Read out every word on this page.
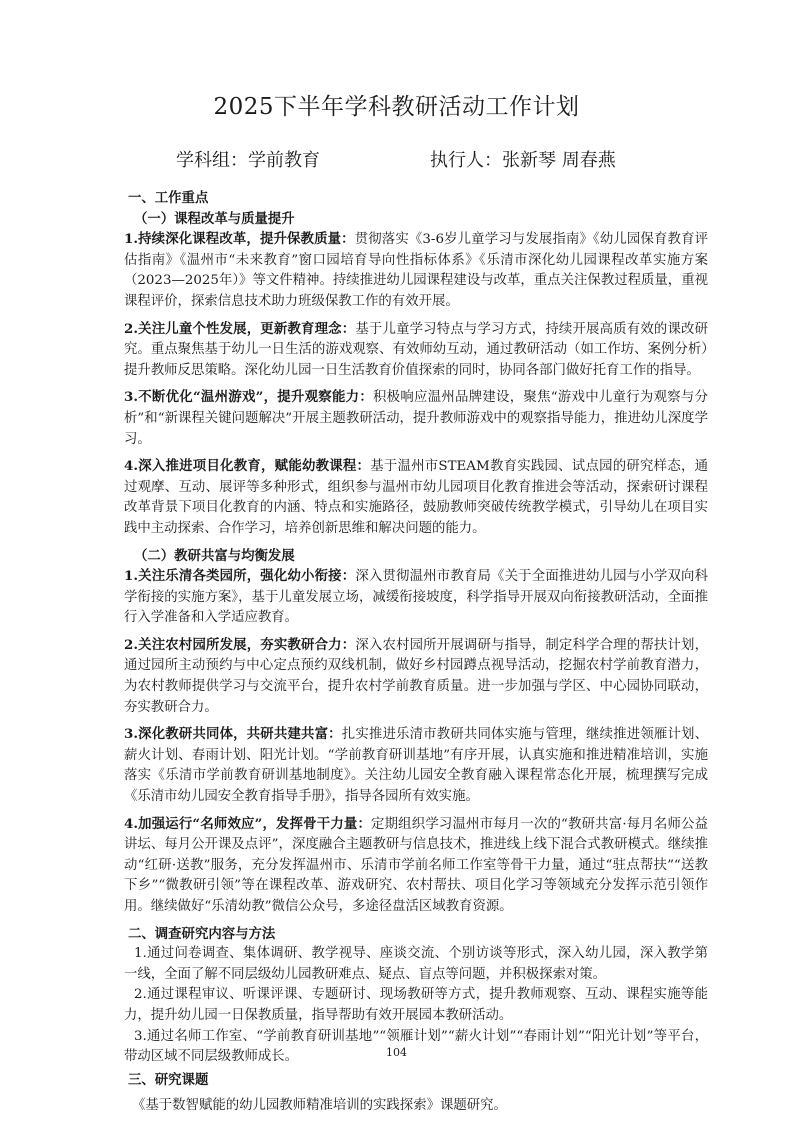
2025下半年学科教研活动工作计划
学科组：学前教育	执行人：张新琴 周春燕
一、工作重点
（一）课程改革与质量提升

1.持续深化课程改革，提升保教质量：贯彻落实《3-6岁儿童学习与发展指南》《幼儿园保育教育评估指南》《温州市“未来教育”窗口园培育导向性指标体系》《乐清市深化幼儿园课程改革实施方案（2023—2025年）》等文件精神。持续推进幼儿园课程建设与改革，重点关注保教过程质量，重视课程评价，探索信息技术助力班级保教工作的有效开展。

2.关注儿童个性发展，更新教育理念：基于儿童学习特点与学习方式，持续开展高质有效的课改研究。重点聚焦基于幼儿一日生活的游戏观察、有效师幼互动，通过教研活动（如工作坊、案例分析）提升教师反思策略。深化幼儿园一日生活教育价值探索的同时，协同各部门做好托育工作的指导。

3.不断优化“温州游戏”，提升观察能力：积极响应温州品牌建设，聚焦“游戏中儿童行为观察与分析”和“新课程关键问题解决”开展主题教研活动，提升教师游戏中的观察指导能力，推进幼儿深度学习。

4.深入推进项目化教育，赋能幼教课程：基于温州市STEAM教育实践园、试点园的研究样态，通过观摩、互动、展评等多种形式，组织参与温州市幼儿园项目化教育推进会等活动，探索研讨课程改革背景下项目化教育的内涵、特点和实施路径，鼓励教师突破传统教学模式，引导幼儿在项目实践中主动探索、合作学习，培养创新思维和解决问题的能力。

（二）教研共富与均衡发展

1.关注乐清各类园所，强化幼小衔接：深入贯彻温州市教育局《关于全面推进幼儿园与小学双向科学衔接的实施方案》，基于儿童发展立场，减缓衔接坡度，科学指导开展双向衔接教研活动，全面推行入学准备和入学适应教育。

2.关注农村园所发展，夯实教研合力：深入农村园所开展调研与指导，制定科学合理的帮扶计划，通过园所主动预约与中心定点预约双线机制，做好乡村园蹲点视导活动，挖掘农村学前教育潜力，为农村教师提供学习与交流平台，提升农村学前教育质量。进一步加强与学区、中心园协同联动，夯实教研合力。

3.深化教研共同体，共研共建共富：扎实推进乐清市教研共同体实施与管理，继续推进领雁计划、薪火计划、春雨计划、阳光计划。“学前教育研训基地”有序开展，认真实施和推进精准培训，实施落实《乐清市学前教育研训基地制度》。关注幼儿园安全教育融入课程常态化开展，梳理撰写完成《乐清市幼儿园安全教育指导手册》，指导各园所有效实施。

4.加强运行“名师效应”，发挥骨干力量：定期组织学习温州市每月一次的“教研共富·每月名师公益讲坛、每月公开课及点评”，深度融合主题教研与信息技术，推进线上线下混合式教研模式。继续推动“红研·送教”服务，充分发挥温州市、乐清市学前名师工作室等骨干力量，通过“驻点帮扶”“送教下乡”“微教研引领”等在课程改革、游戏研究、农村帮扶、项目化学习等领域充分发挥示范引领作用。继续做好“乐清幼教”微信公众号，多途径盘活区域教育资源。

二、调查研究内容与方法

1.通过问卷调查、集体调研、教学视导、座谈交流、个别访谈等形式，深入幼儿园，深入教学第一线，全面了解不同层级幼儿园教研难点、疑点、盲点等问题，并积极探索对策。

2.通过课程审议、听课评课、专题研讨、现场教研等方式，提升教师观察、互动、课程实施等能力，提升幼儿园一日保教质量，指导帮助有效开展园本教研活动。

3.通过名师工作室、“学前教育研训基地”“领雁计划”“薪火计划”“春雨计划”“阳光计划”等平台，带动区域不同层级教师成长。

三、研究课题

《基于数智赋能的幼儿园教师精准培训的实践探索》课题研究。

104
